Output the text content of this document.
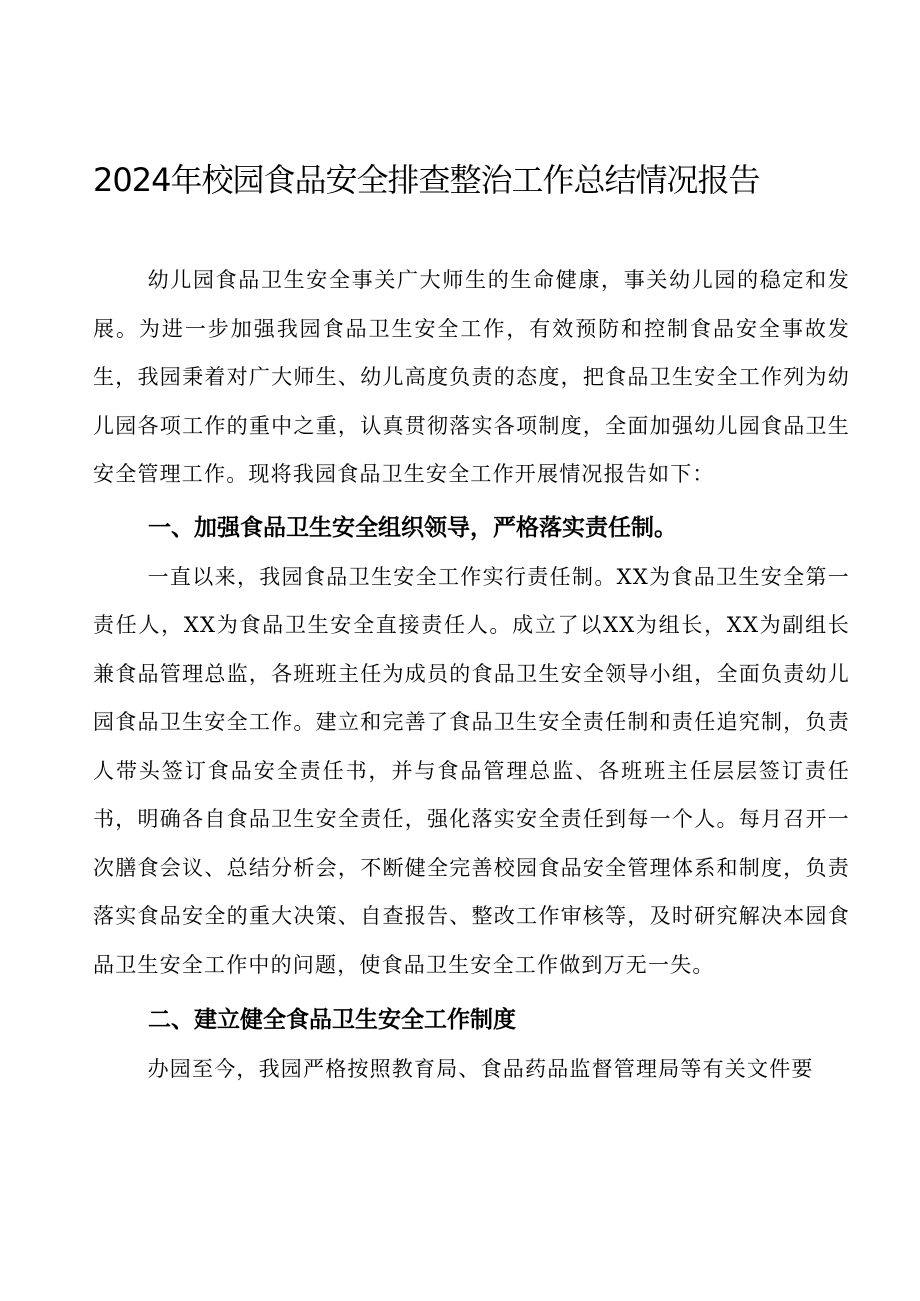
2024年校园食品安全排查整治工作总结情况报告

幼儿园食品卫生安全事关广大师生的生命健康，事关幼儿园的稳定和发展。为进一步加强我园食品卫生安全工作，有效预防和控制食品安全事故发生，我园秉着对广大师生、幼儿高度负责的态度，把食品卫生安全工作列为幼儿园各项工作的重中之重，认真贯彻落实各项制度，全面加强幼儿园食品卫生安全管理工作。现将我园食品卫生安全工作开展情况报告如下：

一、加强食品卫生安全组织领导，严格落实责任制。

一直以来，我园食品卫生安全工作实行责任制。XX为食品卫生安全第一责任人，XX为食品卫生安全直接责任人。成立了以XX为组长，XX为副组长兼食品管理总监，各班班主任为成员的食品卫生安全领导小组，全面负责幼儿园食品卫生安全工作。建立和完善了食品卫生安全责任制和责任追究制，负责人带头签订食品安全责任书，并与食品管理总监、各班班主任层层签订责任书，明确各自食品卫生安全责任，强化落实安全责任到每一个人。每月召开一次膳食会议、总结分析会，不断健全完善校园食品安全管理体系和制度，负责落实食品安全的重大决策、自查报告、整改工作审核等，及时研究解决本园食品卫生安全工作中的问题，使食品卫生安全工作做到万无一失。

二、建立健全食品卫生安全工作制度

办园至今，我园严格按照教育局、食品药品监督管理局等有关文件要
